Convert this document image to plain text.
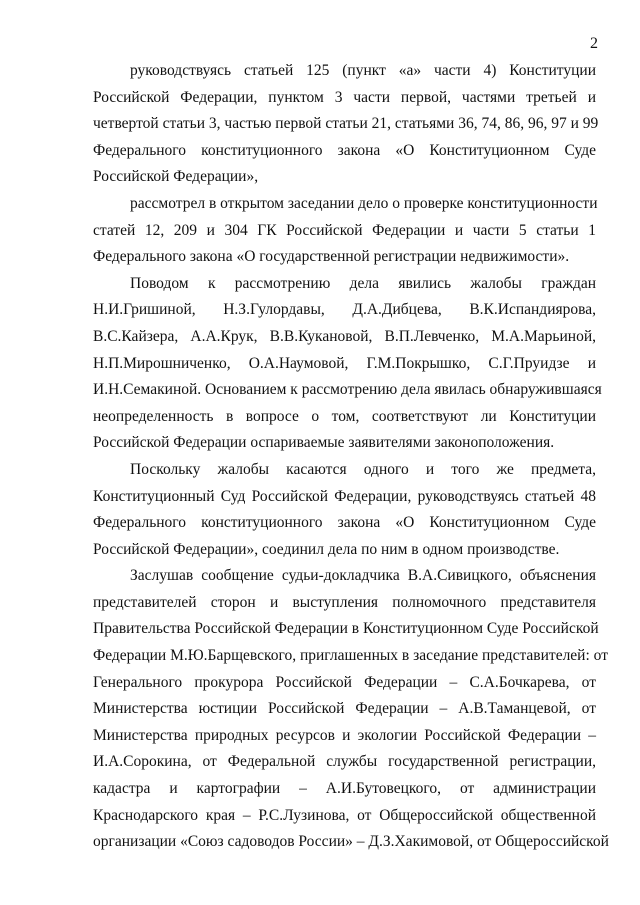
2

руководствуясь статьей 125 (пункт «а» части 4) Конституции
Российской Федерации, пунктом 3 части первой, частями третьей и
четвертой статьи 3, частью первой статьи 21, статьями 36, 74, 86, 96, 97 и 99
Федерального конституционного закона «О Конституционном Суде
Российской Федерации»,

рассмотрел в открытом заседании дело о проверке конституционности
статей 12, 209 и 304 ГК Российской Федерации и части 5 статьи 1
Федерального закона «О государственной регистрации недвижимости».

Поводом к рассмотрению дела явились жалобы граждан
Н.И.Гришиной, Н.З.Гулордавы, Д.А.Дибцева, В.К.Испандиярова,
В.С.Кайзера, А.А.Крук, В.В.Кукановой, В.П.Левченко, М.А.Марьиной,
Н.П.Мирошниченко, О.А.Наумовой, Г.М.Покрышко, С.Г.Пруидзе и
И.Н.Семакиной. Основанием к рассмотрению дела явилась обнаружившаяся
неопределенность в вопросе о том, соответствуют ли Конституции
Российской Федерации оспариваемые заявителями законоположения.

Поскольку жалобы касаются одного и того же предмета,
Конституционный Суд Российской Федерации, руководствуясь статьей 48
Федерального конституционного закона «О Конституционном Суде
Российской Федерации», соединил дела по ним в одном производстве.

Заслушав сообщение судьи-докладчика В.А.Сивицкого, объяснения
представителей сторон и выступления полномочного представителя
Правительства Российской Федерации в Конституционном Суде Российской
Федерации М.Ю.Барщевского, приглашенных в заседание представителей: от
Генерального прокурора Российской Федерации – С.А.Бочкарева, от
Министерства юстиции Российской Федерации – А.В.Таманцевой, от
Министерства природных ресурсов и экологии Российской Федерации –
И.А.Сорокина, от Федеральной службы государственной регистрации,
кадастра и картографии – А.И.Бутовецкого, от администрации
Краснодарского края – Р.С.Лузинова, от Общероссийской общественной
организации «Союз садоводов России» – Д.З.Хакимовой, от Общероссийской
